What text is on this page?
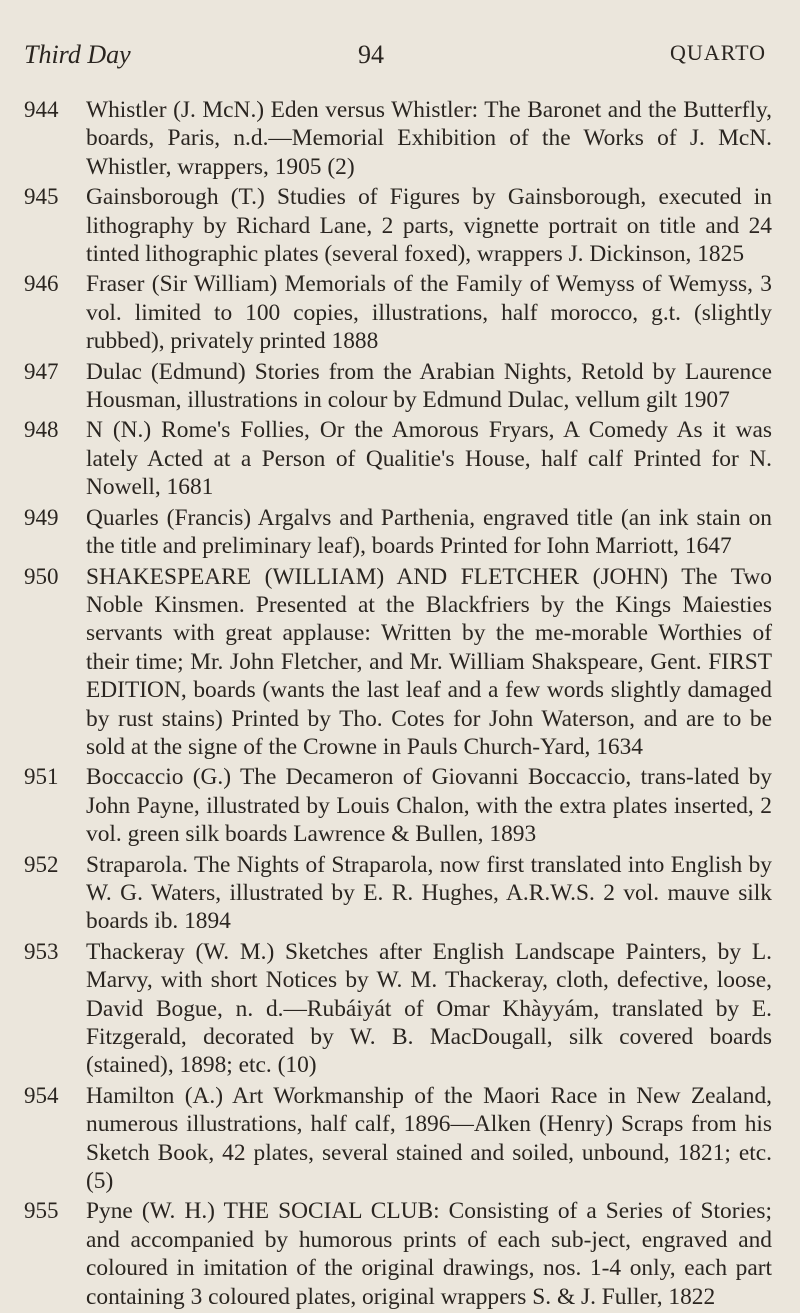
Third Day	94	QUARTO
944	Whistler (J. McN.) Eden versus Whistler: The Baronet and the Butterfly, boards, Paris, n.d.—Memorial Exhibition of the Works of J. McN. Whistler, wrappers, 1905 (2)
945	Gainsborough (T.) Studies of Figures by Gainsborough, executed in lithography by Richard Lane, 2 parts, vignette portrait on title and 24 tinted lithographic plates (several foxed), wrappers J. Dickinson, 1825
946	Fraser (Sir William) Memorials of the Family of Wemyss of Wemyss, 3 vol. limited to 100 copies, illustrations, half morocco, g.t. (slightly rubbed), privately printed 1888
947	Dulac (Edmund) Stories from the Arabian Nights, Retold by Laurence Housman, illustrations in colour by Edmund Dulac, vellum gilt 1907
948	N (N.) Rome's Follies, Or the Amorous Fryars, A Comedy As it was lately Acted at a Person of Qualitie's House, half calf Printed for N. Nowell, 1681
949	Quarles (Francis) Argalvs and Parthenia, engraved title (an ink stain on the title and preliminary leaf), boards Printed for Iohn Marriott, 1647
950	SHAKESPEARE (WILLIAM) AND FLETCHER (JOHN) The Two Noble Kinsmen. Presented at the Blackfriers by the Kings Maiesties servants with great applause: Written by the me-morable Worthies of their time; Mr. John Fletcher, and Mr. William Shakspeare, Gent. FIRST EDITION, boards (wants the last leaf and a few words slightly damaged by rust stains) Printed by Tho. Cotes for John Waterson, and are to be sold at the signe of the Crowne in Pauls Church-Yard, 1634
951	Boccaccio (G.) The Decameron of Giovanni Boccaccio, trans-lated by John Payne, illustrated by Louis Chalon, with the extra plates inserted, 2 vol. green silk boards Lawrence & Bullen, 1893
952	Straparola. The Nights of Straparola, now first translated into English by W. G. Waters, illustrated by E. R. Hughes, A.R.W.S. 2 vol. mauve silk boards ib. 1894
953	Thackeray (W. M.) Sketches after English Landscape Painters, by L. Marvy, with short Notices by W. M. Thackeray, cloth, defective, loose, David Bogue, n. d.—Rubáiyát of Omar Khàyyám, translated by E. Fitzgerald, decorated by W. B. MacDougall, silk covered boards (stained), 1898; etc. (10)
954	Hamilton (A.) Art Workmanship of the Maori Race in New Zealand, numerous illustrations, half calf, 1896—Alken (Henry) Scraps from his Sketch Book, 42 plates, several stained and soiled, unbound, 1821; etc. (5)
955	Pyne (W. H.) THE SOCIAL CLUB: Consisting of a Series of Stories; and accompanied by humorous prints of each sub-ject, engraved and coloured in imitation of the original drawings, nos. 1-4 only, each part containing 3 coloured plates, original wrappers S. & J. Fuller, 1822
